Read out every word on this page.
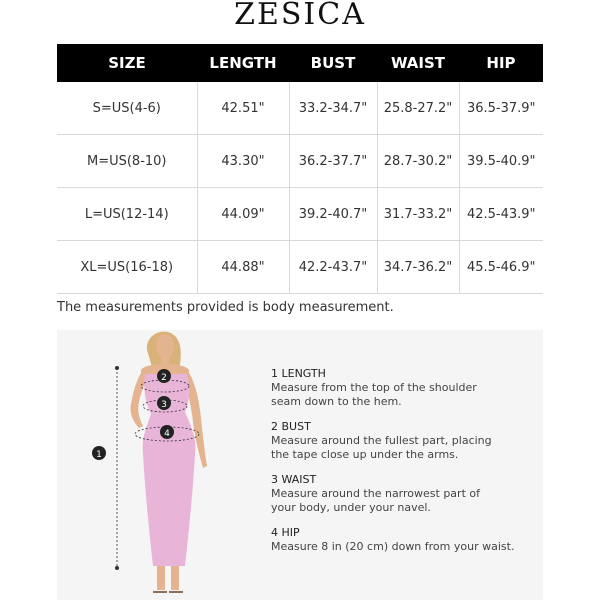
ZESICA
SIZE	LENGTH	BUST	WAIST	HIP
S=US(4-6)	42.51"	33.2-34.7"	25.8-27.2"	36.5-37.9"
M=US(8-10)	43.30"	36.2-37.7"	28.7-30.2"	39.5-40.9"
L=US(12-14)	44.09"	39.2-40.7"	31.7-33.2"	42.5-43.9"
XL=US(16-18)	44.88"	42.2-43.7"	34.7-36.2"	45.5-46.9"
The measurements provided is body measurement.
1
2
3
4
1 LENGTH
Measure from the top of the shoulder
seam down to the hem.
2 BUST
Measure around the fullest part, placing
the tape close up under the arms.
3 WAIST
Measure around the narrowest part of
your body, under your navel.
4 HIP
Measure 8 in (20 cm) down from your waist.
